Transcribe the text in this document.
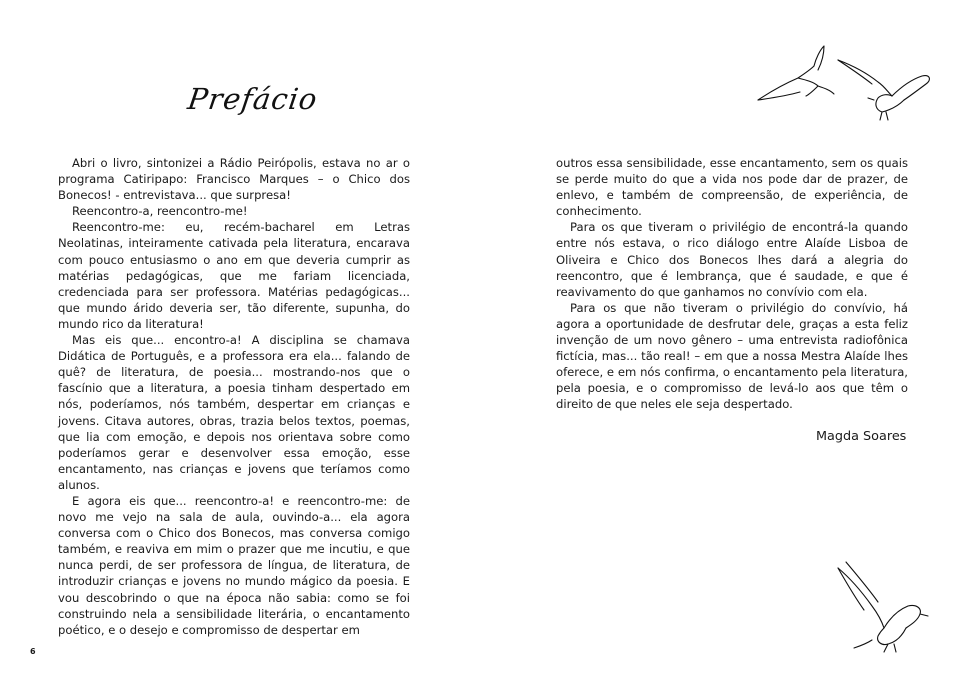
Prefácio

Abri o livro, sintonizei a Rádio Peirópolis, estava no ar o programa Catiripapo: Francisco Marques – o Chico dos Bonecos! - entrevistava... que surpresa!

Reencontro-a, reencontro-me!

Reencontro-me: eu, recém-bacharel em Letras Neolatinas, inteiramente cativada pela literatura, encarava com pouco entusiasmo o ano em que deveria cumprir as matérias pedagógicas, que me fariam licenciada, credenciada para ser professora. Matérias pedagógicas... que mundo árido deveria ser, tão diferente, supunha, do mundo rico da literatura!

Mas eis que... encontro-a! A disciplina se chamava Didática de Português, e a professora era ela... falando de quê? de literatura, de poesia... mostrando-nos que o fascínio que a literatura, a poesia tinham despertado em nós, poderíamos, nós também, despertar em crianças e jovens. Citava autores, obras, trazia belos textos, poemas, que lia com emoção, e depois nos orientava sobre como poderíamos gerar e desenvolver essa emoção, esse encantamento, nas crianças e jovens que teríamos como alunos.

E agora eis que... reencontro-a! e reencontro-me: de novo me vejo na sala de aula, ouvindo-a... ela agora conversa com o Chico dos Bonecos, mas conversa comigo também, e reaviva em mim o prazer que me incutiu, e que nunca perdi, de ser professora de língua, de literatura, de introduzir crianças e jovens no mundo mágico da poesia. E vou descobrindo o que na época não sabia: como se foi construindo nela a sensibilidade literária, o encantamento poético, e o desejo e compromisso de despertar em

6

outros essa sensibilidade, esse encantamento, sem os quais se perde muito do que a vida nos pode dar de prazer, de enlevo, e também de compreensão, de experiência, de conhecimento.

Para os que tiveram o privilégio de encontrá-la quando entre nós estava, o rico diálogo entre Alaíde Lisboa de Oliveira e Chico dos Bonecos lhes dará a alegria do reencontro, que é lembrança, que é saudade, e que é reavivamento do que ganhamos no convívio com ela.

Para os que não tiveram o privilégio do convívio, há agora a oportunidade de desfrutar dele, graças a esta feliz invenção de um novo gênero – uma entrevista radiofônica fictícia, mas... tão real! – em que a nossa Mestra Alaíde lhes oferece, e em nós confirma, o encantamento pela literatura, pela poesia, e o compromisso de levá-lo aos que têm o direito de que neles ele seja despertado.

Magda Soares
